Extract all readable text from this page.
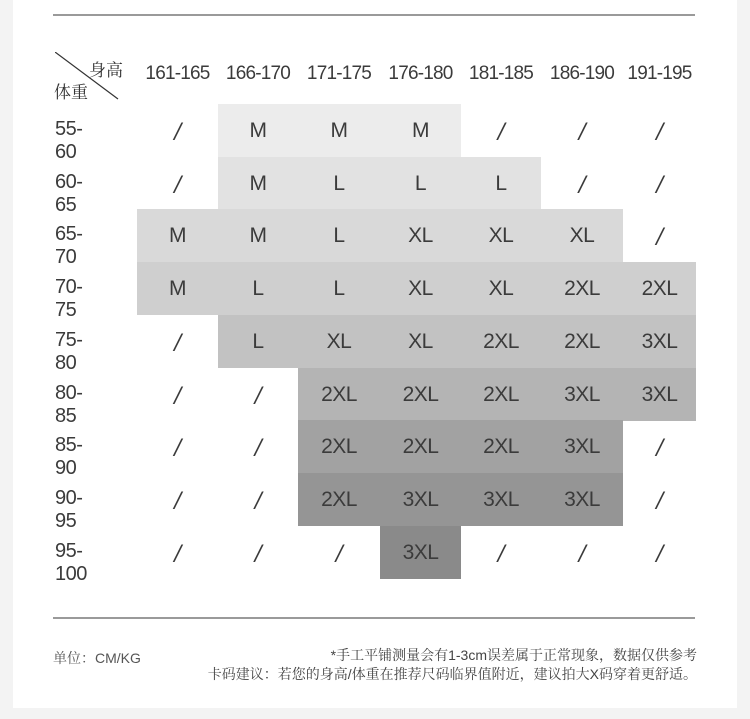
身高
体重
161-165 166-170 171-175 176-180 181-185 186-190 191-195
55-60
/	M	M	M	/	/	/
60-65
/	M	L	L	L	/	/
65-70
M	M	L	XL	XL	XL	/
70-75
M	L	L	XL	XL	2XL	2XL
75-80
/	L	XL	XL	2XL	2XL	3XL
80-85
/	/	2XL	2XL	2XL	3XL	3XL
85-90
/	/	2XL	2XL	2XL	3XL	/
90-95
/	/	2XL	3XL	3XL	3XL	/
95-100
/	/	/	3XL	/	/	/
单位：CM/KG	*手工平铺测量会有1-3cm误差属于正常现象，数据仅供参考
卡码建议：若您的身高/体重在推荐尺码临界值附近，建议拍大X码穿着更舒适。
